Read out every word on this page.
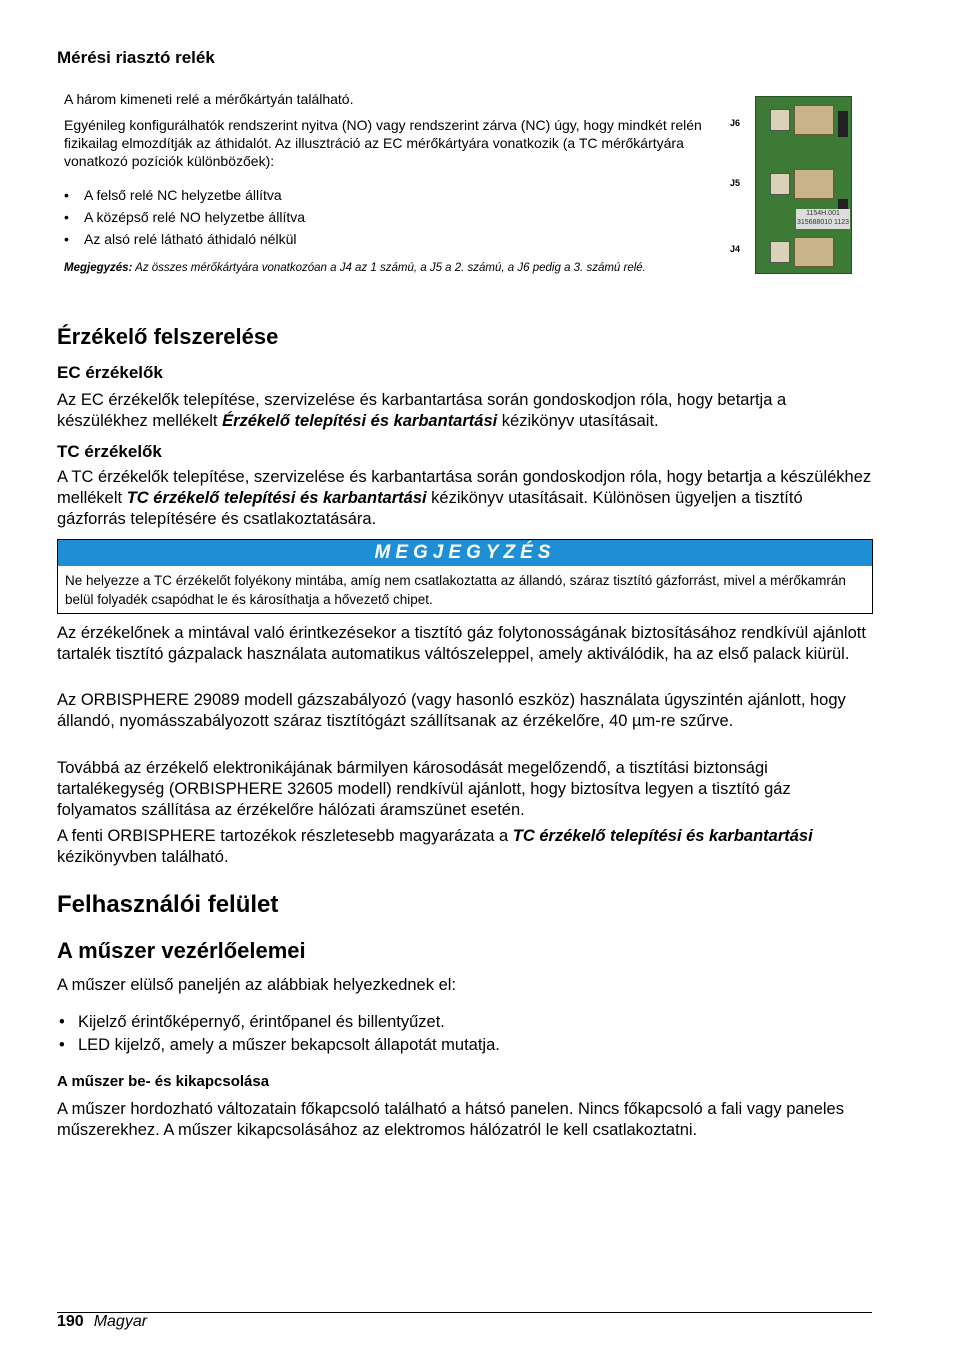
Mérési riasztó relék

A három kimeneti relé a mérőkártyán található.

Egyénileg konfigurálhatók rendszerint nyitva (NO) vagy rendszerint zárva (NC) úgy, hogy mindkét relén fizikailag elmozdítják az áthidalót. Az illusztráció az EC mérőkártyára vonatkozik (a TC mérőkártyára vonatkozó pozíciók különbözőek):

• A felső relé NC helyzetbe állítva
• A középső relé NO helyzetbe állítva
• Az alsó relé látható áthidaló nélkül

Megjegyzés: Az összes mérőkártyára vonatkozóan a J4 az 1 számú, a J5 a 2. számú, a J6 pedig a 3. számú relé.

J6
J5
J4
1154H.001
315688010 1123
Érzékelő felszerelése
EC érzékelők

Az EC érzékelők telepítése, szervizelése és karbantartása során gondoskodjon róla, hogy betartja a készülékhez mellékelt Érzékelő telepítési és karbantartási kézikönyv utasításait.

TC érzékelők

A TC érzékelők telepítése, szervizelése és karbantartása során gondoskodjon róla, hogy betartja a készülékhez mellékelt TC érzékelő telepítési és karbantartási kézikönyv utasításait. Különösen ügyeljen a tisztító gázforrás telepítésére és csatlakoztatására.

MEGJEGYZÉS
Ne helyezze a TC érzékelőt folyékony mintába, amíg nem csatlakoztatta az állandó, száraz tisztító gázforrást, mivel a mérőkamrán belül folyadék csapódhat le és károsíthatja a hővezető chipet.

Az érzékelőnek a mintával való érintkezésekor a tisztító gáz folytonosságának biztosításához rendkívül ajánlott tartalék tisztító gázpalack használata automatikus váltószeleppel, amely aktiválódik, ha az első palack kiürül.

Az ORBISPHERE 29089 modell gázszabályozó (vagy hasonló eszköz) használata úgyszintén ajánlott, hogy állandó, nyomásszabályozott száraz tisztítógázt szállítsanak az érzékelőre, 40 µm-re szűrve.

Továbbá az érzékelő elektronikájának bármilyen károsodását megelőzendő, a tisztítási biztonsági tartalékegység (ORBISPHERE 32605 modell) rendkívül ajánlott, hogy biztosítva legyen a tisztító gáz folyamatos szállítása az érzékelőre hálózati áramszünet esetén.

A fenti ORBISPHERE tartozékok részletesebb magyarázata a TC érzékelő telepítési és karbantartási kézikönyvben található.

Felhasználói felület
A műszer vezérlőelemei

A műszer elülső paneljén az alábbiak helyezkednek el:

• Kijelző érintőképernyő, érintőpanel és billentyűzet.
• LED kijelző, amely a műszer bekapcsolt állapotát mutatja.
A műszer be- és kikapcsolása

A műszer hordozható változatain főkapcsoló található a hátsó panelen. Nincs főkapcsoló a fali vagy paneles műszerekhez. A műszer kikapcsolásához az elektromos hálózatról le kell csatlakoztatni.

190 Magyar
